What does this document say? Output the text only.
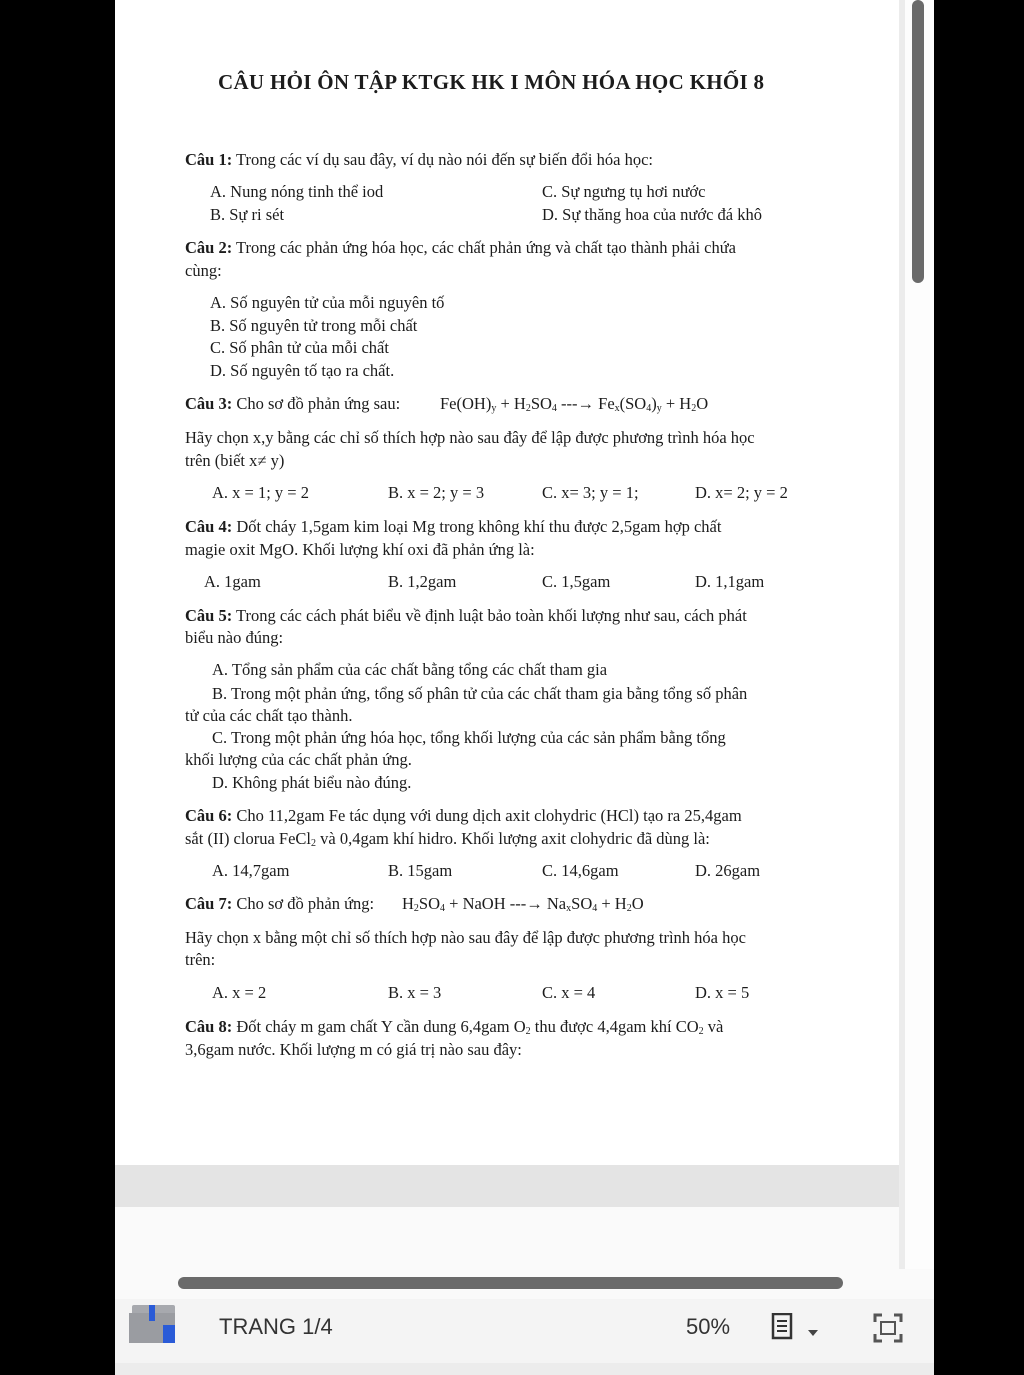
CÂU HỎI ÔN TẬP KTGK HK I MÔN HÓA HỌC KHỐI 8
Câu 1: Trong các ví dụ sau đây, ví dụ nào nói đến sự biến đổi hóa học:
A. Nung nóng tinh thể iod	C. Sự ngưng tụ hơi nước
B. Sự ri sét	D. Sự thăng hoa của nước đá khô
Câu 2: Trong các phản ứng hóa học, các chất phản ứng và chất tạo thành phải chứa
cùng:
A. Số nguyên tử của mỗi nguyên tố
B. Số nguyên tử trong mỗi chất
C. Số phân tử của mỗi chất
D. Số nguyên tố tạo ra chất.
Câu 3: Cho sơ đồ phản ứng sau: $Fe(OH)_y + H_2SO_4$ ---→ $Fe_x(SO_4)_y + H_2O$
Hãy chọn x,y bằng các chỉ số thích hợp nào sau đây để lập được phương trình hóa học
trên (biết x≠ y)
A. x = 1; y = 2	B. x = 2; y = 3	C. x= 3; y = 1;	D. x= 2; y = 2
Câu 4: Dốt cháy 1,5gam kim loại Mg trong không khí thu được 2,5gam hợp chất
magie oxit MgO. Khối lượng khí oxi đã phản ứng là:
A. 1gam	B. 1,2gam	C. 1,5gam	D. 1,1gam
Câu 5: Trong các cách phát biểu về định luật bảo toàn khối lượng như sau, cách phát
biểu nào đúng:
A. Tổng sản phẩm của các chất bằng tổng các chất tham gia
B. Trong một phản ứng, tổng số phân tử của các chất tham gia bằng tổng số phân
tử của các chất tạo thành.
C. Trong một phản ứng hóa học, tổng khối lượng của các sản phẩm bằng tổng
khối lượng của các chất phản ứng.
D. Không phát biểu nào đúng.
Câu 6: Cho 11,2gam Fe tác dụng với dung dịch axit clohydric (HCl) tạo ra 25,4gam
sắt (II) clorua FeCl$_2$ và 0,4gam khí hidro. Khối lượng axit clohydric đã dùng là:
A. 14,7gam	B. 15gam	C. 14,6gam	D. 26gam
Câu 7: Cho sơ đồ phản ứng: $H_2SO_4$ + NaOH ---→ $Na_xSO_4 + H_2O$
Hãy chọn x bằng một chỉ số thích hợp nào sau đây để lập được phương trình hóa học
trên:
A. x = 2	B. x = 3	C. x = 4	D. x = 5
Câu 8: Đốt cháy m gam chất Y cần dung 6,4gam $O_2$ thu được 4,4gam khí $CO_2$ và
3,6gam nước. Khối lượng m có giá trị nào sau đây:
TRANG 1/4	50%
